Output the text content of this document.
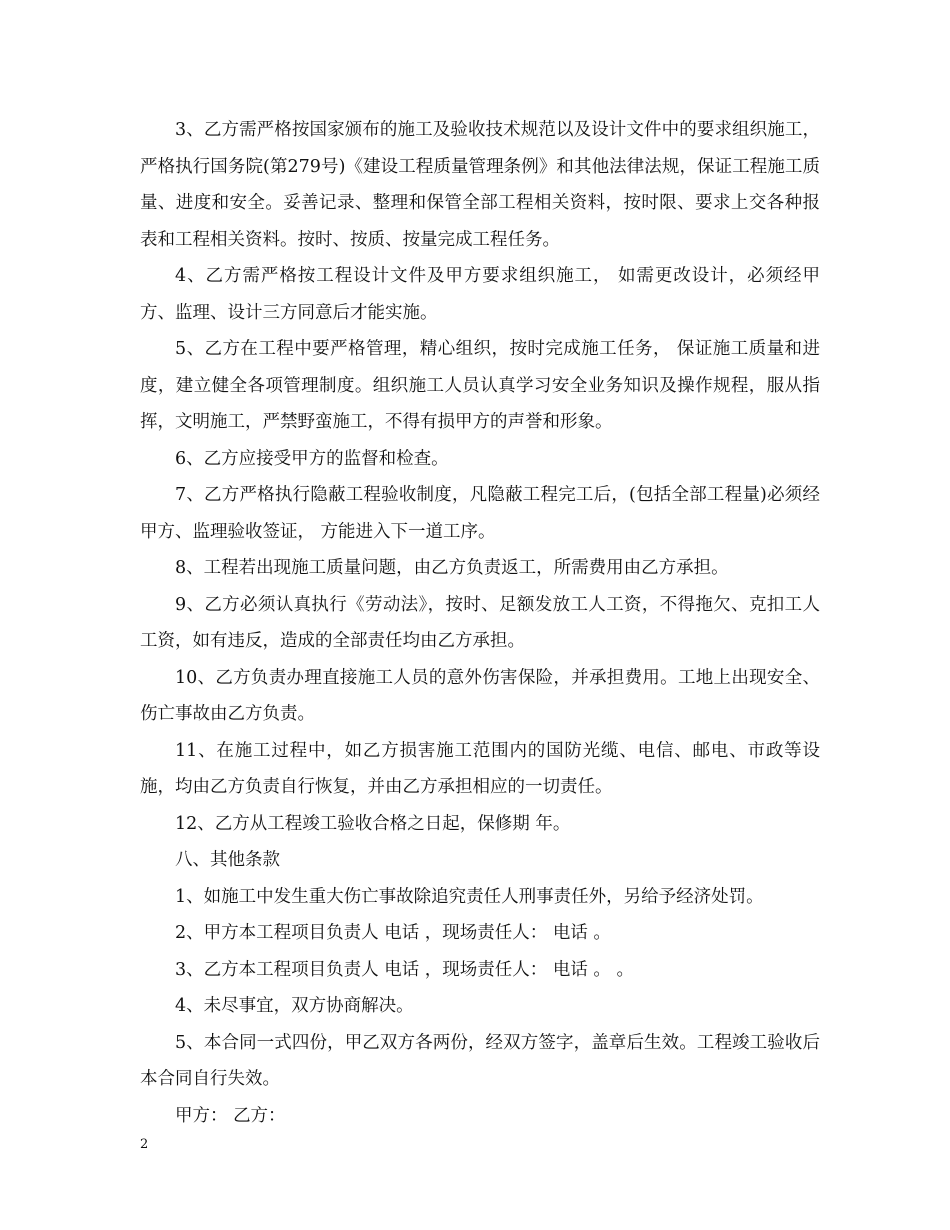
3、乙方需严格按国家颁布的施工及验收技术规范以及设计文件中的要求组织施工，严格执行国务院(第279号)《建设工程质量管理条例》和其他法律法规，保证工程施工质量、进度和安全。妥善记录、整理和保管全部工程相关资料，按时限、要求上交各种报表和工程相关资料。按时、按质、按量完成工程任务。

4、乙方需严格按工程设计文件及甲方要求组织施工， 如需更改设计，必须经甲方、监理、设计三方同意后才能实施。

5、乙方在工程中要严格管理，精心组织，按时完成施工任务， 保证施工质量和进度，建立健全各项管理制度。组织施工人员认真学习安全业务知识及操作规程，服从指挥，文明施工，严禁野蛮施工，不得有损甲方的声誉和形象。

6、乙方应接受甲方的监督和检查。

7、乙方严格执行隐蔽工程验收制度，凡隐蔽工程完工后，(包括全部工程量)必须经甲方、监理验收签证， 方能进入下一道工序。

8、工程若出现施工质量问题，由乙方负责返工，所需费用由乙方承担。

9、乙方必须认真执行《劳动法》，按时、足额发放工人工资，不得拖欠、克扣工人工资，如有违反，造成的全部责任均由乙方承担。

10、乙方负责办理直接施工人员的意外伤害保险，并承担费用。工地上出现安全、伤亡事故由乙方负责。

11、在施工过程中，如乙方损害施工范围内的国防光缆、电信、邮电、市政等设施，均由乙方负责自行恢复，并由乙方承担相应的一切责任。

12、乙方从工程竣工验收合格之日起，保修期 年。

八、其他条款

1、如施工中发生重大伤亡事故除追究责任人刑事责任外，另给予经济处罚。

2、甲方本工程项目负责人 电话 ，现场责任人： 电话 。

3、乙方本工程项目负责人 电话 ，现场责任人： 电话 。 。

4、未尽事宜，双方协商解决。

5、本合同一式四份，甲乙双方各两份，经双方签字，盖章后生效。工程竣工验收后本合同自行失效。

甲方： 乙方：

2
